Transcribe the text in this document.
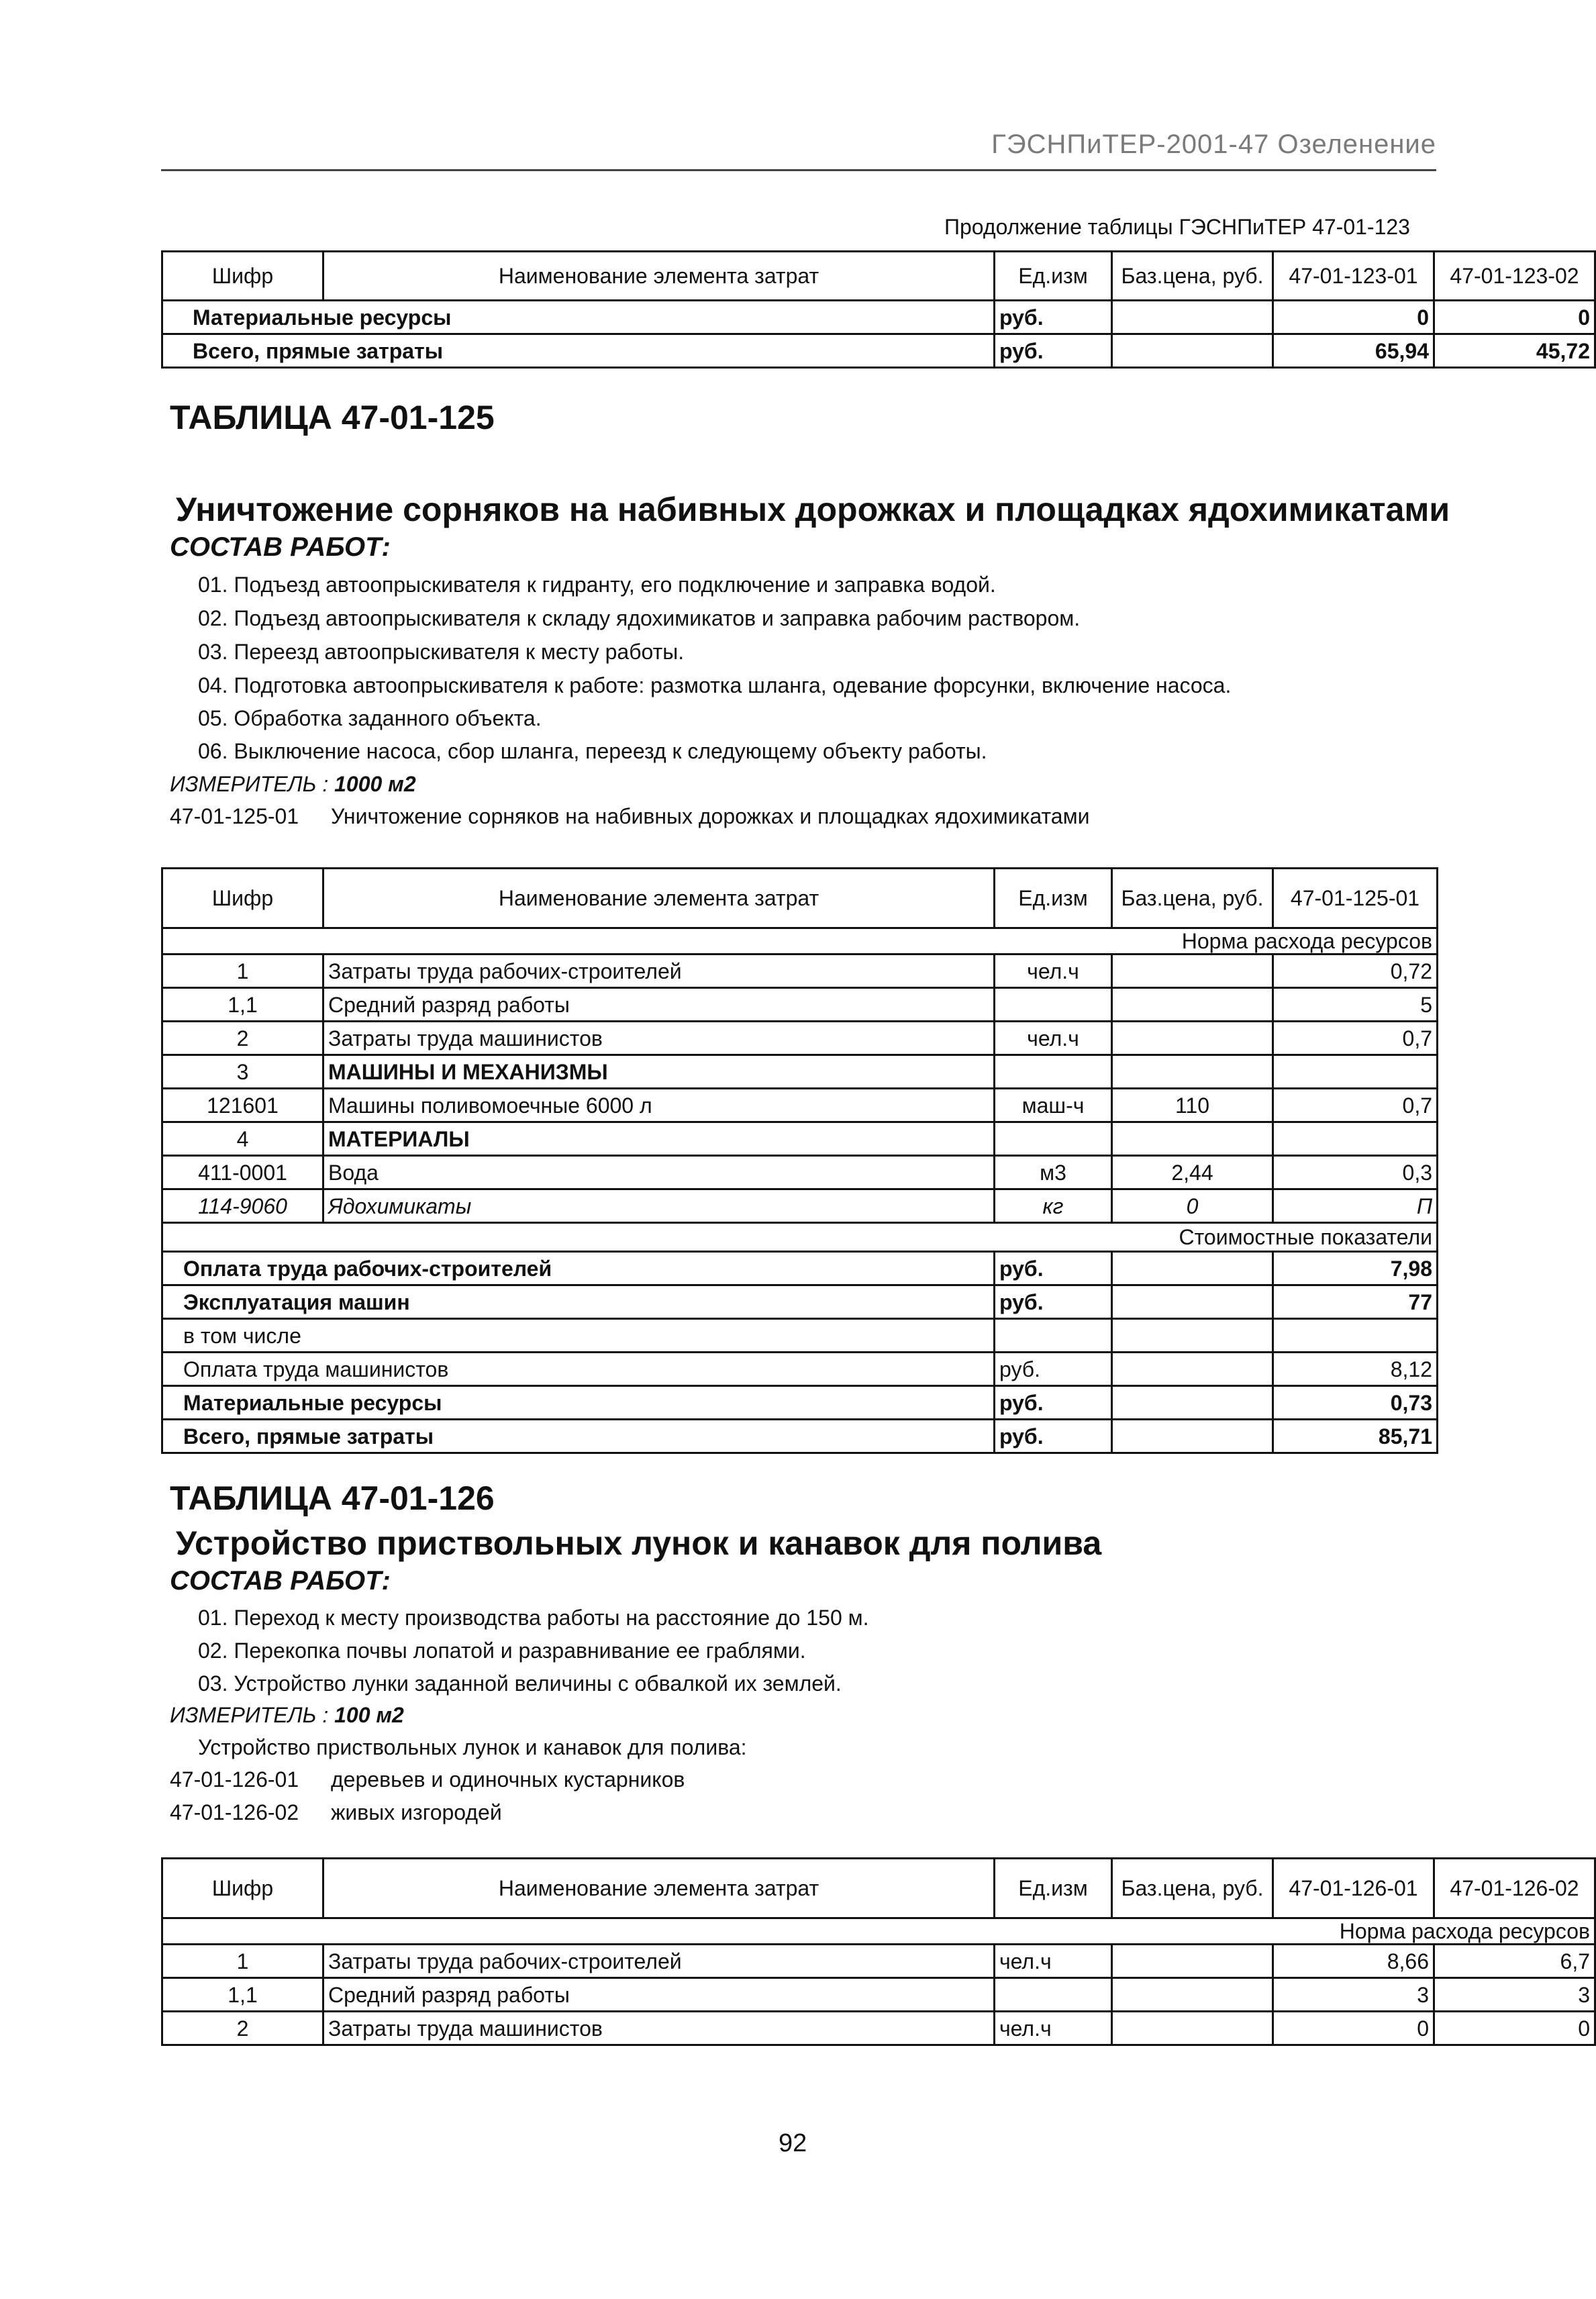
ГЭСНПиТЕР-2001-47 Озеленение
Продолжение таблицы ГЭСНПиТЕР 47-01-123
Шифр	Наименование элемента затрат	Ед.изм	Баз.цена, руб.	47-01-123-01	47-01-123-02
Материальные ресурсы		руб.		0	0
Всего, прямые затраты		руб.		65,94	45,72
ТАБЛИЦА 47-01-125
Уничтожение сорняков на набивных дорожках и площадках ядохимикатами
СОСТАВ РАБОТ:
01. Подъезд автоопрыскивателя к гидранту, его подключение и заправка водой.
02. Подъезд автоопрыскивателя к складу ядохимикатов и заправка рабочим раствором.
03. Переезд автоопрыскивателя к месту работы.
04. Подготовка автоопрыскивателя к работе: размотка шланга, одевание форсунки, включение насоса.
05. Обработка заданного объекта.
06. Выключение насоса, сбор шланга, переезд к следующему объекту работы.
ИЗМЕРИТЕЛЬ : 1000 м2
47-01-125-01 Уничтожение сорняков на набивных дорожках и площадках ядохимикатами
Шифр	Наименование элемента затрат	Ед.изм	Баз.цена, руб.	47-01-125-01
Норма расхода ресурсов				
1	Затраты труда рабочих-строителей	чел.ч		0,72
1,1	Средний разряд работы			5
2	Затраты труда машинистов	чел.ч		0,7
3	МАШИНЫ И МЕХАНИЗМЫ			
121601	Машины поливомоечные 6000 л	маш-ч	110	0,7
4	МАТЕРИАЛЫ			
411-0001	Вода	м3	2,44	0,3
114-9060	Ядохимикаты	кг	0	П
Стоимостные показатели				
Оплата труда рабочих-строителей		руб.		7,98
Эксплуатация машин		руб.		77
в том числе				
Оплата труда машинистов		руб.		8,12
Материальные ресурсы		руб.		0,73
Всего, прямые затраты		руб.		85,71
ТАБЛИЦА 47-01-126
Устройство приствольных лунок и канавок для полива
СОСТАВ РАБОТ:
01. Переход к месту производства работы на расстояние до 150 м.
02. Перекопка почвы лопатой и разравнивание ее граблями.
03. Устройство лунки заданной величины с обвалкой их землей.
ИЗМЕРИТЕЛЬ : 100 м2
Устройство приствольных лунок и канавок для полива:
47-01-126-01 деревьев и одиночных кустарников
47-01-126-02 живых изгородей
Шифр	Наименование элемента затрат	Ед.изм	Баз.цена, руб.	47-01-126-01	47-01-126-02
Норма расхода ресурсов					
1	Затраты труда рабочих-строителей	чел.ч		8,66	6,7
1,1	Средний разряд работы			3	3
2	Затраты труда машинистов	чел.ч		0	0
92
